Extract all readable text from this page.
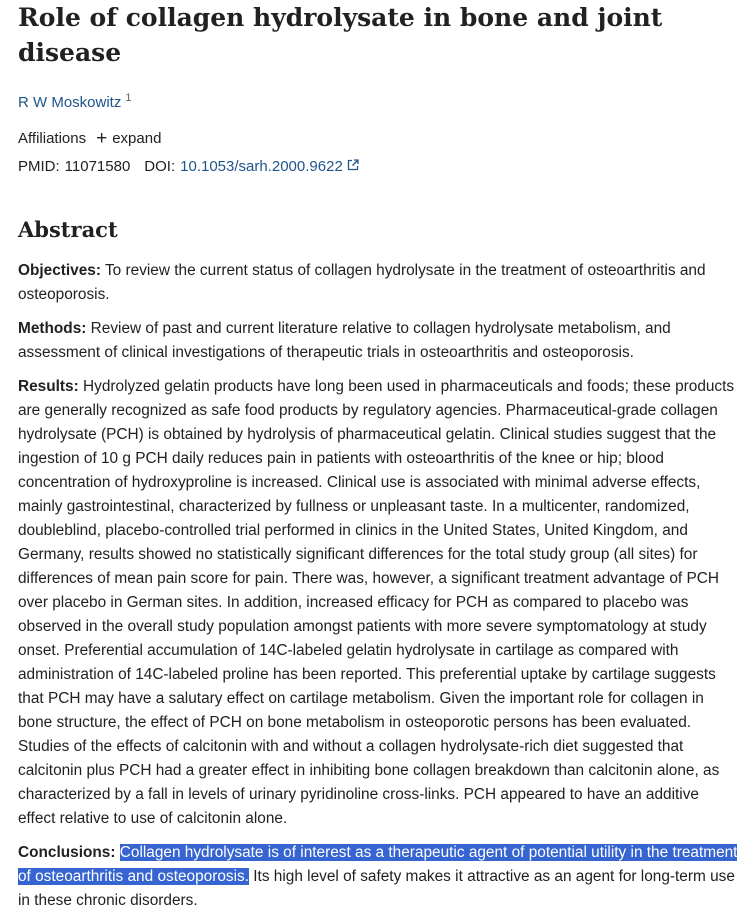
Role of collagen hydrolysate in bone and joint disease
R W Moskowitz $^1$
Affiliations + expand
PMID: 11071580 DOI: 10.1053/sarh.2000.9622
Abstract

Objectives: To review the current status of collagen hydrolysate in the treatment of osteoarthritis and osteoporosis.

Methods: Review of past and current literature relative to collagen hydrolysate metabolism, and assessment of clinical investigations of therapeutic trials in osteoarthritis and osteoporosis.

Results: Hydrolyzed gelatin products have long been used in pharmaceuticals and foods; these products are generally recognized as safe food products by regulatory agencies. Pharmaceutical-grade collagen hydrolysate (PCH) is obtained by hydrolysis of pharmaceutical gelatin. Clinical studies suggest that the ingestion of 10 g PCH daily reduces pain in patients with osteoarthritis of the knee or hip; blood concentration of hydroxyproline is increased. Clinical use is associated with minimal adverse effects, mainly gastrointestinal, characterized by fullness or unpleasant taste. In a multicenter, randomized, doubleblind, placebo-controlled trial performed in clinics in the United States, United Kingdom, and Germany, results showed no statistically significant differences for the total study group (all sites) for differences of mean pain score for pain. There was, however, a significant treatment advantage of PCH over placebo in German sites. In addition, increased efficacy for PCH as compared to placebo was observed in the overall study population amongst patients with more severe symptomatology at study onset. Preferential accumulation of 14C-labeled gelatin hydrolysate in cartilage as compared with administration of 14C-labeled proline has been reported. This preferential uptake by cartilage suggests that PCH may have a salutary effect on cartilage metabolism. Given the important role for collagen in bone structure, the effect of PCH on bone metabolism in osteoporotic persons has been evaluated. Studies of the effects of calcitonin with and without a collagen hydrolysate-rich diet suggested that calcitonin plus PCH had a greater effect in inhibiting bone collagen breakdown than calcitonin alone, as characterized by a fall in levels of urinary pyridinoline cross-links. PCH appeared to have an additive effect relative to use of calcitonin alone.

Conclusions: Collagen hydrolysate is of interest as a therapeutic agent of potential utility in the treatment of osteoarthritis and osteoporosis. Its high level of safety makes it attractive as an agent for long-term use in these chronic disorders.
